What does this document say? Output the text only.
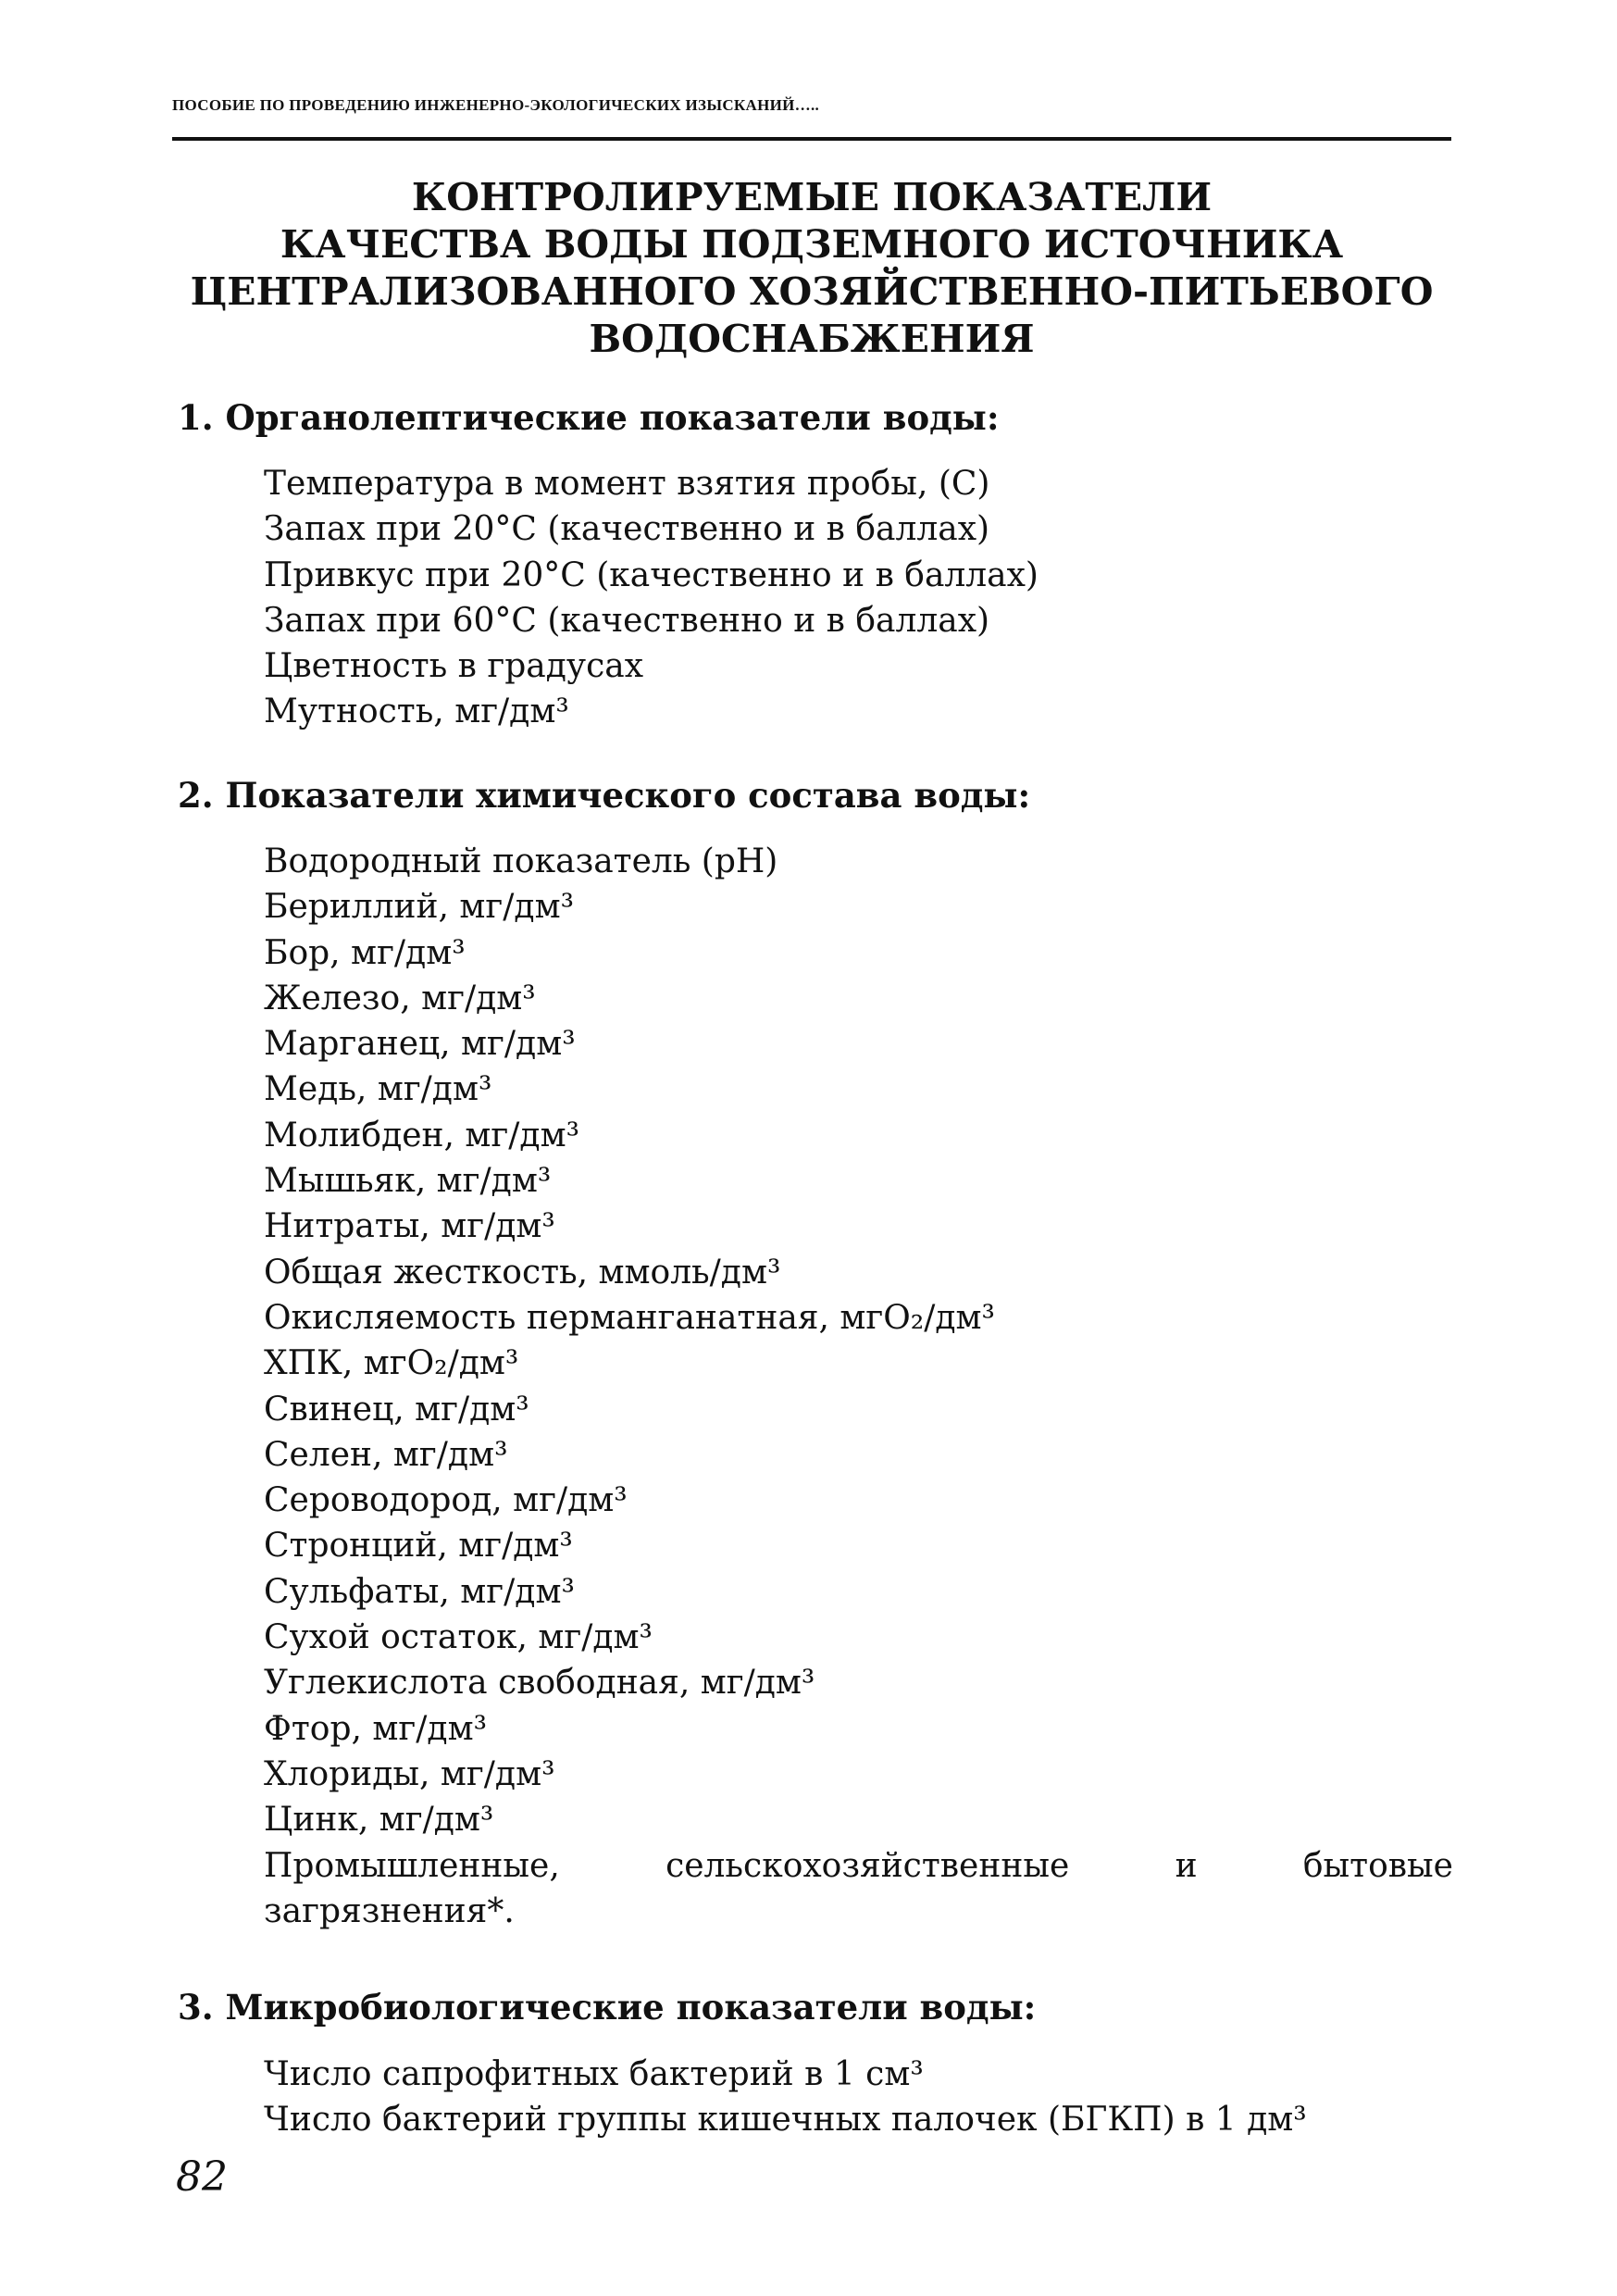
ПОСОБИЕ ПО ПРОВЕДЕНИЮ ИНЖЕНЕРНО-ЭКОЛОГИЧЕСКИХ ИЗЫСКАНИЙ…..
КОНТРОЛИРУЕМЫЕ ПОКАЗАТЕЛИ
КАЧЕСТВА ВОДЫ ПОДЗЕМНОГО ИСТОЧНИКА
ЦЕНТРАЛИЗОВАННОГО ХОЗЯЙСТВЕННО-ПИТЬЕВОГО
ВОДОСНАБЖЕНИЯ
1. Органолептические показатели воды:
Температура в момент взятия пробы, (С)
Запах при 20°С (качественно и в баллах)
Привкус при 20°С (качественно и в баллах)
Запах при 60°С (качественно и в баллах)
Цветность в градусах
Мутность, мг/дм³
2. Показатели химического состава воды:
Водородный показатель (рН)
Бериллий, мг/дм³
Бор, мг/дм³
Железо, мг/дм³
Марганец, мг/дм³
Медь, мг/дм³
Молибден, мг/дм³
Мышьяк, мг/дм³
Нитраты, мг/дм³
Общая жесткость, ммоль/дм³
Окисляемость перманганатная, мгО₂/дм³
ХПК, мгО₂/дм³
Свинец, мг/дм³
Селен, мг/дм³
Сероводород, мг/дм³
Стронций, мг/дм³
Сульфаты, мг/дм³
Сухой остаток, мг/дм³
Углекислота свободная, мг/дм³
Фтор, мг/дм³
Хлориды, мг/дм³
Цинк, мг/дм³
Промышленные,	сельскохозяйственные	и	бытовые
загрязнения*.
3. Микробиологические показатели воды:
Число сапрофитных бактерий в 1 см³
Число бактерий группы кишечных палочек (БГКП) в 1 дм³
82
